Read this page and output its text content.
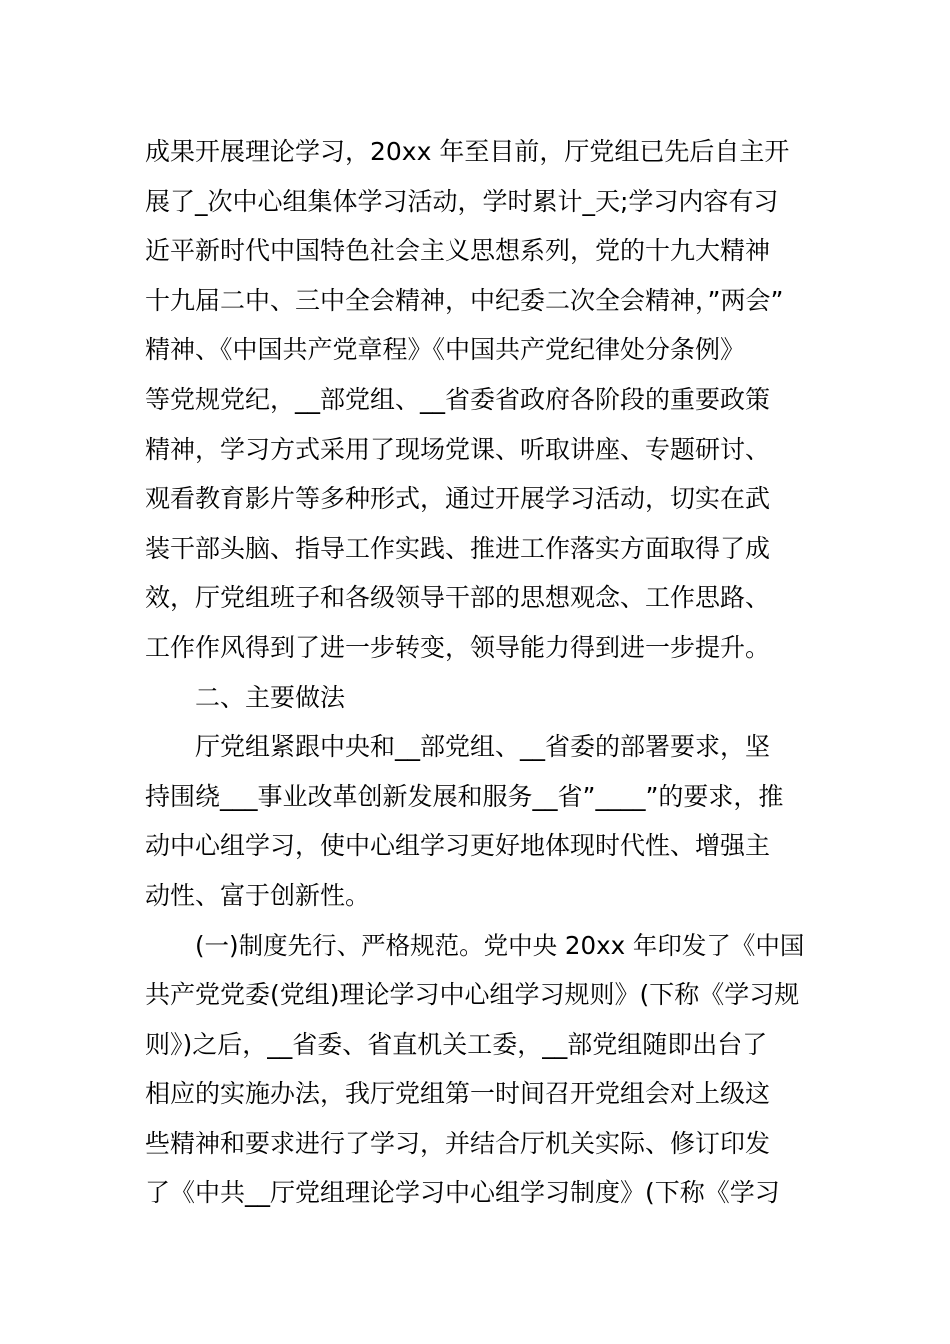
成果开展理论学习，20xx 年至目前，厅党组已先后自主开
展了_次中心组集体学习活动，学时累计_天;学习内容有习
近平新时代中国特色社会主义思想系列，党的十九大精神
十九届二中、三中全会精神，中纪委二次全会精神，”两会”
精神、《中国共产党章程》《中国共产党纪律处分条例》
等党规党纪，__部党组、__省委省政府各阶段的重要政策
精神，学习方式采用了现场党课、听取讲座、专题研讨、
观看教育影片等多种形式，通过开展学习活动，切实在武
装干部头脑、指导工作实践、推进工作落实方面取得了成
效，厅党组班子和各级领导干部的思想观念、工作思路、
工作作风得到了进一步转变，领导能力得到进一步提升。
二、主要做法
厅党组紧跟中央和__部党组、__省委的部署要求，坚
持围绕___事业改革创新发展和服务__省”____”的要求，推
动中心组学习，使中心组学习更好地体现时代性、增强主
动性、富于创新性。
(一)制度先行、严格规范。党中央 20xx 年印发了《中国
共产党党委(党组)理论学习中心组学习规则》(下称《学习规
则》)之后，__省委、省直机关工委，__部党组随即出台了
相应的实施办法，我厅党组第一时间召开党组会对上级这
些精神和要求进行了学习，并结合厅机关实际、修订印发
了《中共__厅党组理论学习中心组学习制度》(下称《学习
